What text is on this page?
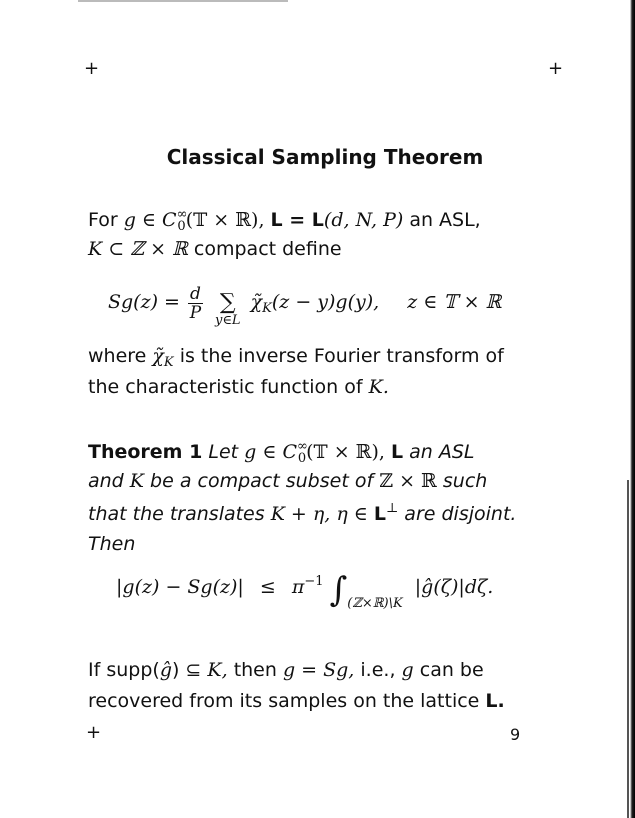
+	+
Classical Sampling Theorem
For g ∈ $C^\infty_0(𝕋$ × ℝ), L = L(d, N, P) an ASL,
K ⊂ ℤ × ℝ compact define
$Sg(z) = \frac{d}{P}$
∑
y∈L
$\chĩ_K(z - y)g(y)$, z ∈ 𝕋 × ℝ
where $\chĩ_K$ is the inverse Fourier transform of
the characteristic function of K.
Theorem 1 Let g ∈ $C^\infty_0(𝕋$ × ℝ), L an ASL
and K be a compact subset of ℤ × ℝ such
that the translates K + η, η ∈ L⊥ are disjoint.
Then
$|g(z) - Sg(z)| \le \pi^{-1}$ $\int_{(ℤ\times ℝ)\backslash K}$ |ĝ(ζ)|dζ.
If supp(ĝ) ⊆ K, then g = Sg, i.e., g can be
recovered from its samples on the lattice L.
+	9
